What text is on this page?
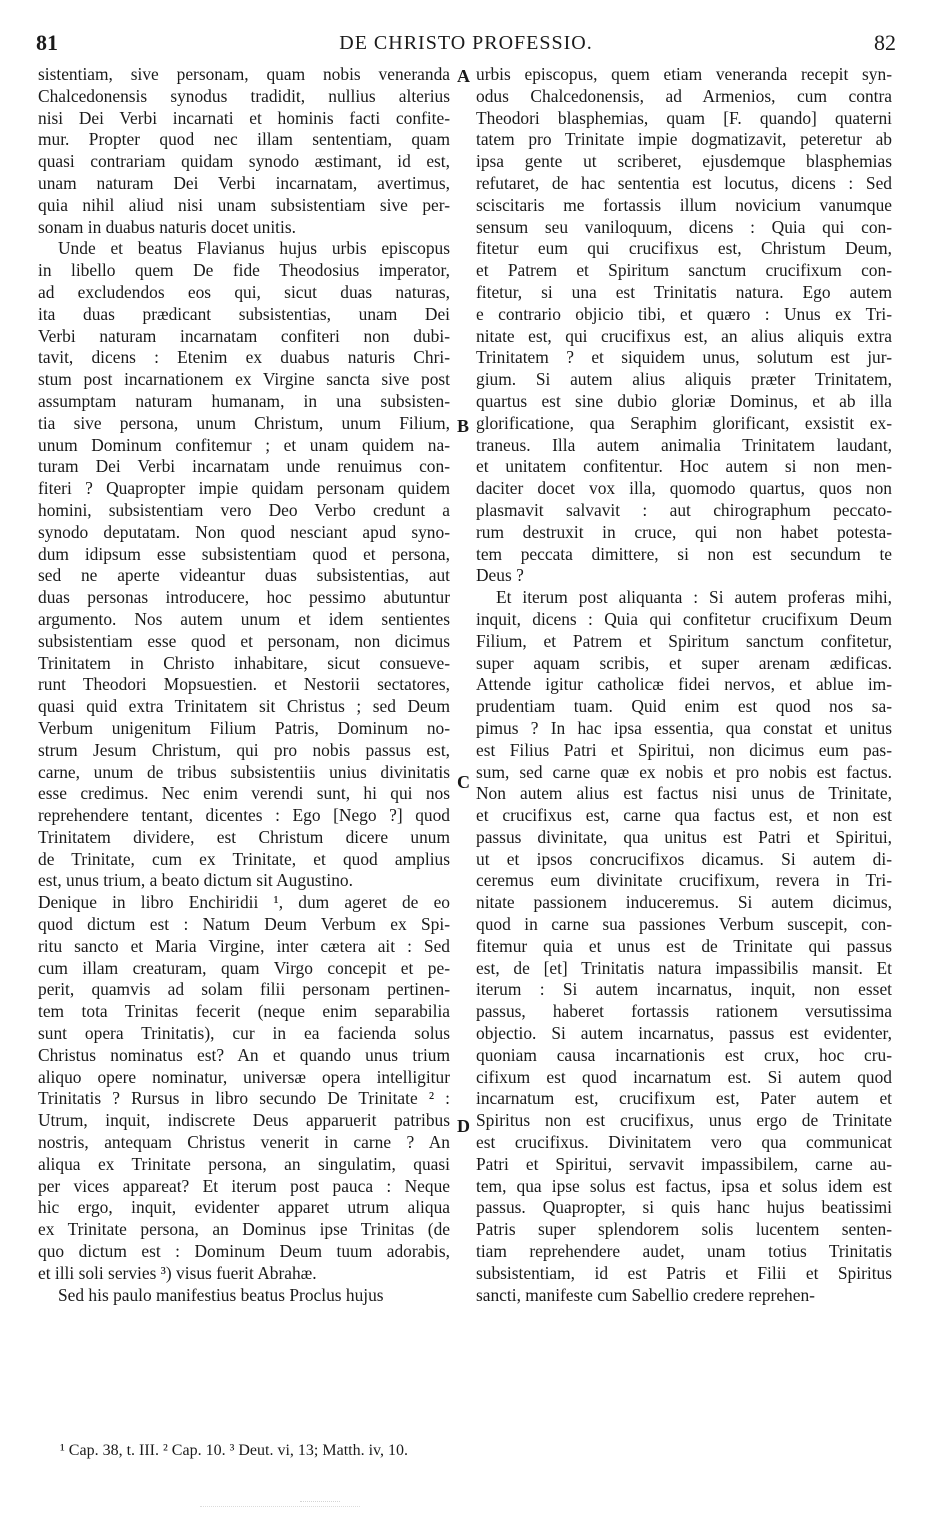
81	DE CHRISTO PROFESSIO.	82
sistentiam, sive personam, quam nobis veneranda
Chalcedonensis synodus tradidit, nullius alterius
nisi Dei Verbi incarnati et hominis facti confite-
mur. Propter quod nec illam sententiam, quam
quasi contrariam quidam synodo æstimant, id est,
unam naturam Dei Verbi incarnatam, avertimus,
quia nihil aliud nisi unam subsistentiam sive per-
sonam in duabus naturis docet unitis.
Unde et beatus Flavianus hujus urbis episcopus
in libello quem De fide Theodosius imperator,
ad excludendos eos qui, sicut duas naturas,
ita duas prædicant subsistentias, unam Dei
Verbi naturam incarnatam confiteri non dubi-
tavit, dicens : Etenim ex duabus naturis Chri-
stum post incarnationem ex Virgine sancta sive post
assumptam naturam humanam, in una subsisten-
tia sive persona, unum Christum, unum Filium,
unum Dominum confitemur ; et unam quidem na-
turam Dei Verbi incarnatam unde renuimus con-
fiteri ? Quapropter impie quidam personam quidem
homini, subsistentiam vero Deo Verbo credunt a
synodo deputatam. Non quod nesciant apud syno-
dum idipsum esse subsistentiam quod et persona,
sed ne aperte videantur duas subsistentias, aut
duas personas introducere, hoc pessimo abutuntur
argumento. Nos autem unum et idem sentientes
subsistentiam esse quod et personam, non dicimus
Trinitatem in Christo inhabitare, sicut consueve-
runt Theodori Mopsuestien. et Nestorii sectatores,
quasi quid extra Trinitatem sit Christus ; sed Deum
Verbum unigenitum Filium Patris, Dominum no-
strum Jesum Christum, qui pro nobis passus est,
carne, unum de tribus subsistentiis unius divinitatis
esse credimus. Nec enim verendi sunt, hi qui nos
reprehendere tentant, dicentes : Ego [Nego ?] quod
Trinitatem dividere, est Christum dicere unum
de Trinitate, cum ex Trinitate, et quod amplius
est, unus trium, a beato dictum sit Augustino.
Denique in libro Enchiridii ¹, dum ageret de eo
quod dictum est : Natum Deum Verbum ex Spi-
ritu sancto et Maria Virgine, inter cætera ait : Sed
cum illam creaturam, quam Virgo concepit et pe-
perit, quamvis ad solam filii personam pertinen-
tem tota Trinitas fecerit (neque enim separabilia
sunt opera Trinitatis), cur in ea facienda solus
Christus nominatus est? An et quando unus trium
aliquo opere nominatur, universæ opera intelligitur
Trinitatis ? Rursus in libro secundo De Trinitate ² :
Utrum, inquit, indiscrete Deus apparuerit patribus
nostris, antequam Christus venerit in carne ? An
aliqua ex Trinitate persona, an singulatim, quasi
per vices appareat? Et iterum post pauca : Neque
hic ergo, inquit, evidenter apparet utrum aliqua
ex Trinitate persona, an Dominus ipse Trinitas (de
quo dictum est : Dominum Deum tuum adorabis,
et illi soli servies ³) visus fuerit Abrahæ.
Sed his paulo manifestius beatus Proclus hujus
urbis episcopus, quem etiam veneranda recepit syn-
odus Chalcedonensis, ad Armenios, cum contra
Theodori blasphemias, quam [F. quando] quaterni
tatem pro Trinitate impie dogmatizavit, peteretur ab
ipsa gente ut scriberet, ejusdemque blasphemias
refutaret, de hac sententia est locutus, dicens : Sed
sciscitaris me fortassis illum novicium vanumque
sensum seu vaniloquum, dicens : Quia qui con-
fitetur eum qui crucifixus est, Christum Deum,
et Patrem et Spiritum sanctum crucifixum con-
fitetur, si una est Trinitatis natura. Ego autem
e contrario objicio tibi, et quæro : Unus ex Tri-
nitate est, qui crucifixus est, an alius aliquis extra
Trinitatem ? et siquidem unus, solutum est jur-
gium. Si autem alius aliquis præter Trinitatem,
quartus est sine dubio gloriæ Dominus, et ab illa
glorificatione, qua Seraphim glorificant, exsistit ex-
traneus. Illa autem animalia Trinitatem laudant,
et unitatem confitentur. Hoc autem si non men-
daciter docet vox illa, quomodo quartus, quos non
plasmavit salvavit : aut chirographum peccato-
rum destruxit in cruce, qui non habet potesta-
tem peccata dimittere, si non est secundum te
Deus ?
Et iterum post aliquanta : Si autem proferas mihi,
inquit, dicens : Quia qui confitetur crucifixum Deum
Filium, et Patrem et Spiritum sanctum confitetur,
super aquam scribis, et super arenam ædificas.
Attende igitur catholicæ fidei nervos, et ablue im-
prudentiam tuam. Quid enim est quod nos sa-
pimus ? In hac ipsa essentia, qua constat et unitus
est Filius Patri et Spiritui, non dicimus eum pas-
sum, sed carne quæ ex nobis et pro nobis est factus.
Non autem alius est factus nisi unus de Trinitate,
et crucifixus est, carne qua factus est, et non est
passus divinitate, qua unitus est Patri et Spiritui,
ut et ipsos concrucifixos dicamus. Si autem di-
ceremus eum divinitate crucifixum, revera in Tri-
nitate passionem induceremus. Si autem dicimus,
quod in carne sua passiones Verbum suscepit, con-
fitemur quia et unus est de Trinitate qui passus
est, de [et] Trinitatis natura impassibilis mansit. Et
iterum : Si autem incarnatus, inquit, non esset
passus, haberet fortassis rationem versutissima
objectio. Si autem incarnatus, passus est evidenter,
quoniam causa incarnationis est crux, hoc cru-
cifixum est quod incarnatum est. Si autem quod
incarnatum est, crucifixum est, Pater autem et
Spiritus non est crucifixus, unus ergo de Trinitate
est crucifixus. Divinitatem vero qua communicat
Patri et Spiritui, servavit impassibilem, carne au-
tem, qua ipse solus est factus, ipsa et solus idem est
passus. Quapropter, si quis hanc hujus beatissimi
Patris super splendorem solis lucentem senten-
tiam reprehendere audet, unam totius Trinitatis
subsistentiam, id est Patris et Filii et Spiritus
sancti, manifeste cum Sabellio credere reprehen-
A
B
C
D
¹ Cap. 38, t. III. ² Cap. 10. ³ Deut. vi, 13; Matth. iv, 10.
